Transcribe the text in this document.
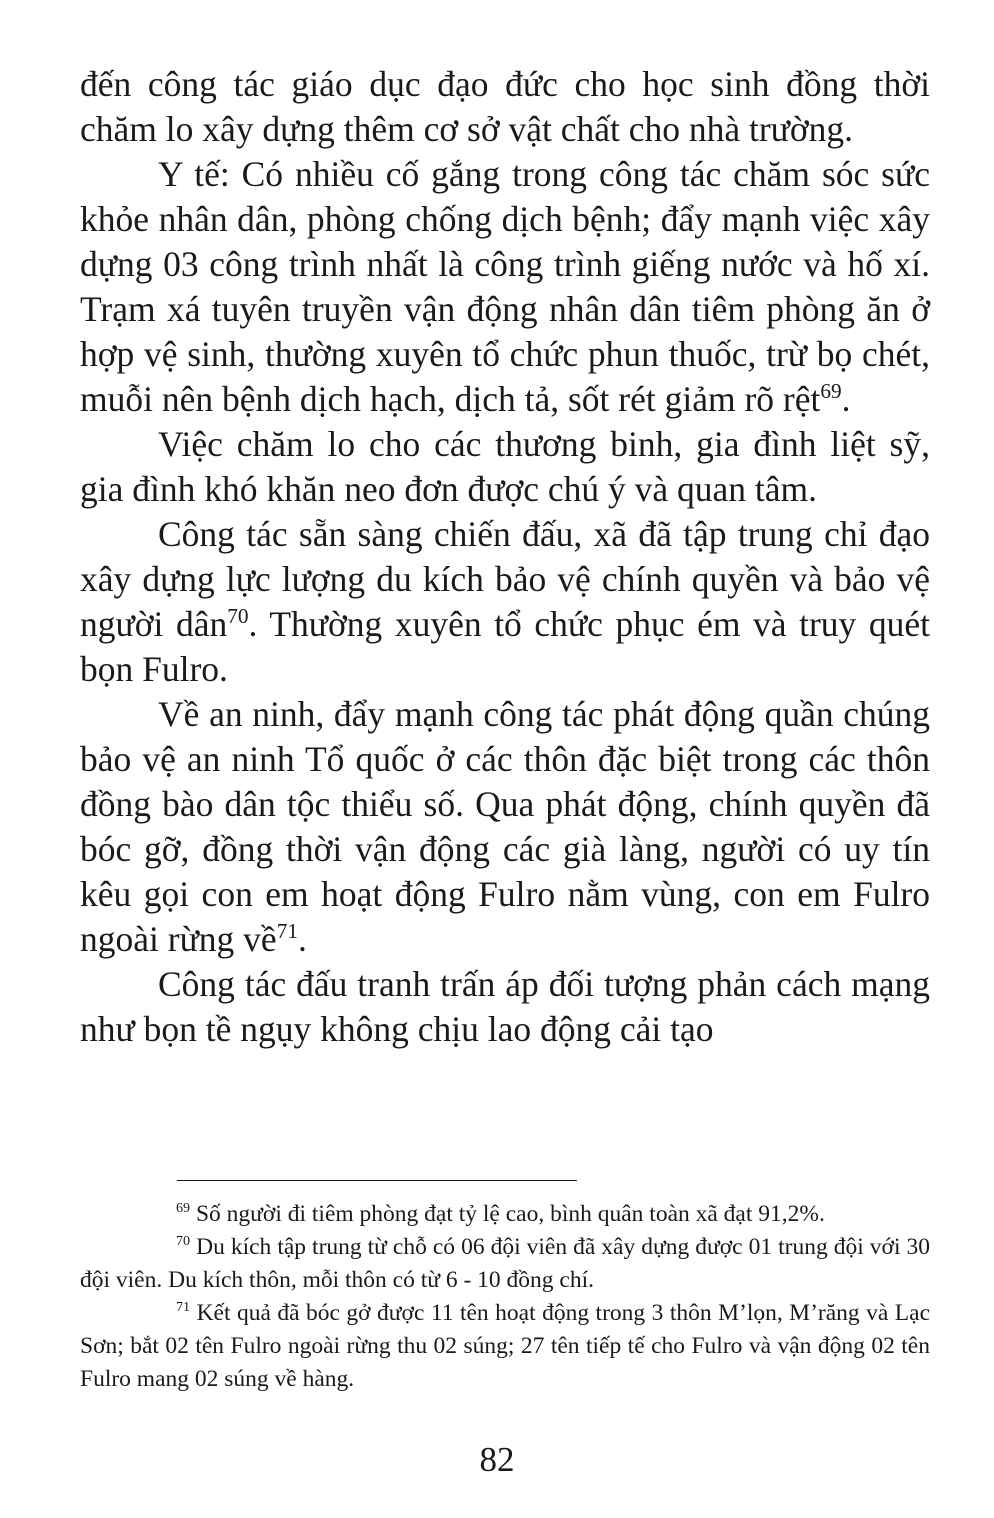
đến công tác giáo dục đạo đức cho học sinh đồng thời chăm lo xây dựng thêm cơ sở vật chất cho nhà trường.

Y tế: Có nhiều cố gắng trong công tác chăm sóc sức khỏe nhân dân, phòng chống dịch bệnh; đẩy mạnh việc xây dựng 03 công trình nhất là công trình giếng nước và hố xí. Trạm xá tuyên truyền vận động nhân dân tiêm phòng ăn ở hợp vệ sinh, thường xuyên tổ chức phun thuốc, trừ bọ chét, muỗi nên bệnh dịch hạch, dịch tả, sốt rét giảm rõ rệt$^{69}$.

Việc chăm lo cho các thương binh, gia đình liệt sỹ, gia đình khó khăn neo đơn được chú ý và quan tâm.

Công tác sẵn sàng chiến đấu, xã đã tập trung chỉ đạo xây dựng lực lượng du kích bảo vệ chính quyền và bảo vệ người dân$^{70}$. Thường xuyên tổ chức phục ém và truy quét bọn Fulro.

Về an ninh, đẩy mạnh công tác phát động quần chúng bảo vệ an ninh Tổ quốc ở các thôn đặc biệt trong các thôn đồng bào dân tộc thiểu số. Qua phát động, chính quyền đã bóc gỡ, đồng thời vận động các già làng, người có uy tín kêu gọi con em hoạt động Fulro nằm vùng, con em Fulro ngoài rừng về$^{71}$.

Công tác đấu tranh trấn áp đối tượng phản cách mạng như bọn tề ngụy không chịu lao động cải tạo

$^{69}$ Số người đi tiêm phòng đạt tỷ lệ cao, bình quân toàn xã đạt 91,2%.

$^{70}$ Du kích tập trung từ chỗ có 06 đội viên đã xây dựng được 01 trung đội với 30 đội viên. Du kích thôn, mỗi thôn có từ 6 - 10 đồng chí.

$^{71}$ Kết quả đã bóc gở được 11 tên hoạt động trong 3 thôn M’lọn, M’răng và Lạc Sơn; bắt 02 tên Fulro ngoài rừng thu 02 súng; 27 tên tiếp tế cho Fulro và vận động 02 tên Fulro mang 02 súng về hàng.

82
